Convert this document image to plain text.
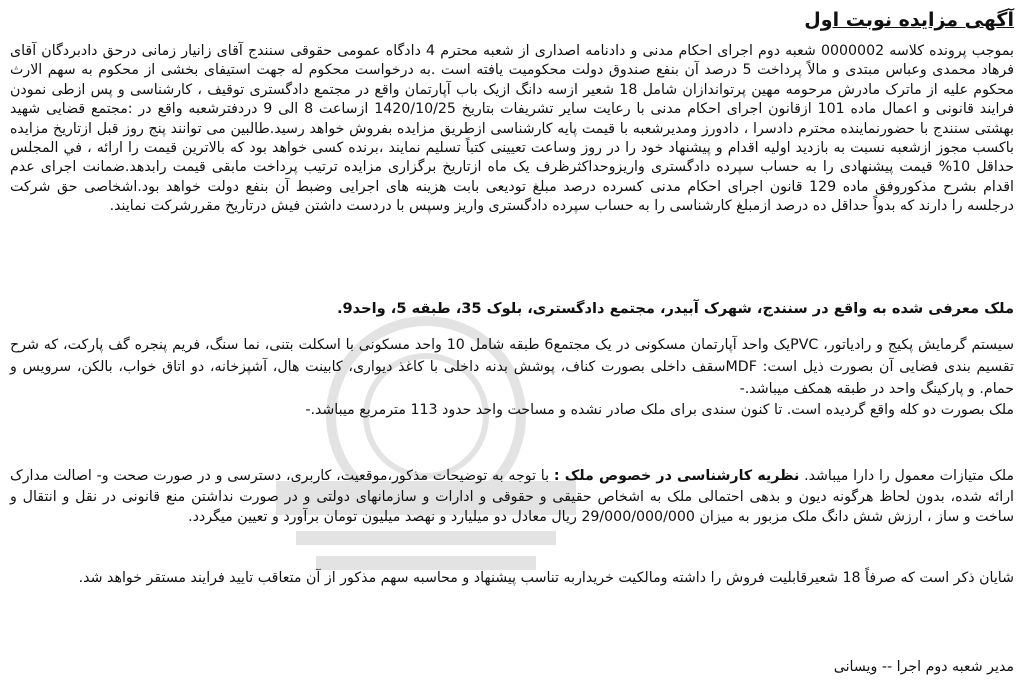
آگهی مزایده نوبت اول

بموجب پرونده کلاسه 0000002 شعبه دوم اجرای احکام مدنی و دادنامه اصداری از شعبه محترم 4 دادگاه عمومی حقوقی سنندج آقای زانیار زمانی درحق دادبردگان آقای فرهاد محمدی وعباس مبتدی و مالاً پرداخت 5 درصد آن بنفع صندوق دولت محکومیت یافته است .به درخواست محکوم له جهت استیفای بخشی از محکوم به سهم الارث محکوم علیه از ماترک مادرش مرحومه مهین پرتواندازان شامل 18 شعیر ازسه دانگ ازیک باب آپارتمان واقع در مجتمع دادگستری توقیف ، کارشناسی و پس ازطی نمودن فرایند قانونی و اعمال ماده 101 ازقانون اجرای احکام مدنی با رعایت سایر تشریفات بتاریخ 1420/10/25 ازساعت 8 الی 9 دردفترشعبه واقع در :مجتمع قضایی شهید بهشتی سنندج با حضورنماینده محترم دادسرا ، دادورز ومدیرشعبه با قیمت پایه کارشناسی ازطریق مزایده بفروش خواهد رسید.طالبین می توانند پنج روز قبل ازتاریخ مزایده باکسب مجوز ازشعبه نسبت به بازدید اولیه اقدام و پیشنهاد خود را در روز وساعت تعیینی کتباً تسلیم نمایند ،برنده کسی خواهد بود که بالاترین قیمت را ارائه ، في المجلس حداقل 10% قیمت پیشنهادی را به حساب سپرده دادگستری واریزوحداکثرظرف یک ماه ازتاریخ برگزاری مزایده ترتیب پرداخت مابقی قیمت رابدهد.ضمانت اجرای عدم اقدام بشرح مذکوروفق ماده 129 قانون اجرای احکام مدنی کسرده درصد مبلغ تودیعی بابت هزینه های اجرایی وضبط آن بنفع دولت خواهد بود.اشخاصی حق شرکت درجلسه را دارند که بدواً حداقل ده درصد ازمبلغ کارشناسی را به حساب سپرده دادگستری واریز وسپس با دردست داشتن فیش درتاریخ مقررشرکت نمایند.

ملک معرفی شده به واقع در سنندج، شهرک آبیدر، مجتمع دادگستری، بلوک 35، طبقه 5، واحد9.

سیستم گرمایش پکیج و رادیاتور، PVCیک واحد آپارتمان مسکونی در یک مجتمع6 طبقه شامل 10 واحد مسکونی با اسکلت بتنی، نما سنگ، فریم پنجره گف پارکت، که شرح تقسیم بندی فضایی آن بصورت ذیل است: MDFسقف داخلی بصورت کناف، پوشش بدنه داخلی با کاغذ دیواری، کابینت هال، آشپزخانه، دو اتاق خواب، بالکن، سرویس و حمام. و پارکینگ واحد در طبقه همکف میباشد.-

ملک بصورت دو کله واقع گردیده است. تا کنون سندی برای ملک صادر نشده و مساحت واحد حدود 113 مترمربع میباشد.-

ملک متیازات معمول را دارا میباشد. نظریه کارشناسی در خصوص ملک : با توجه به توضیحات مذکور،موقعیت، کاربری، دسترسی و در صورت صحت و- اصالت مدارک ارائه شده، بدون لحاظ هرگونه دیون و بدهی احتمالی ملک به اشخاص حقیقی و حقوقی و ادارات و سازمانهای دولتی و در صورت نداشتن منع قانونی در نقل و انتقال و ساخت و ساز ، ارزش شش دانگ ملک مزبور به میزان 29/000/000/000 ریال معادل دو میلیارد و نهصد میلیون تومان برآورد و تعیین میگردد.

شایان ذکر است که صرفاً 18 شعیرقابلیت فروش را داشته ومالکیت خریداربه تناسب پیشنهاد و محاسبه سهم مذکور از آن متعاقب تایید فرایند مستقر خواهد شد.

مدیر شعبه دوم اجرا -- ویسانی
